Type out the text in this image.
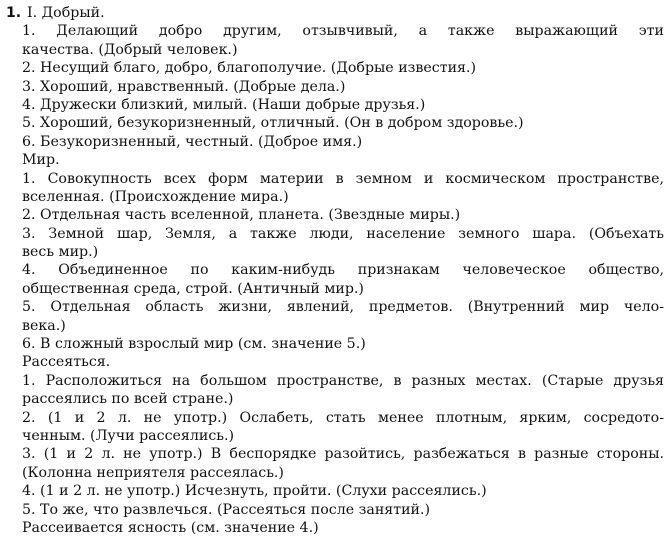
1. I. Добрый.
1. Делающий добро другим, отзывчивый, а также выражающий эти
качества. (Добрый человек.)
2. Несущий благо, добро, благополучие. (Добрые известия.)
3. Хороший, нравственный. (Добрые дела.)
4. Дружески близкий, милый. (Наши добрые друзья.)
5. Хороший, безукоризненный, отличный. (Он в добром здоровье.)
6. Безукоризненный, честный. (Доброе имя.)
Мир.
1. Совокупность всех форм материи в земном и космическом пространстве,
вселенная. (Происхождение мира.)
2. Отдельная часть вселенной, планета. (Звездные миры.)
3. Земной шар, Земля, а также люди, население земного шара. (Объехать
весь мир.)
4. Объединенное по каким-нибудь признакам человеческое общество,
общественная среда, строй. (Античный мир.)
5. Отдельная область жизни, явлений, предметов. (Внутренний мир чело-
века.)
6. В сложный взрослый мир (см. значение 5.)
Рассеяться.
1. Расположиться на большом пространстве, в разных местах. (Старые друзья
рассеялись по всей стране.)
2. (1 и 2 л. не употр.) Ослабеть, стать менее плотным, ярким, сосредото-
ченным. (Лучи рассеялись.)
3. (1 и 2 л. не употр.) В беспорядке разойтись, разбежаться в разные стороны.
(Колонна неприятеля рассеялась.)
4. (1 и 2 л. не употр.) Исчезнуть, пройти. (Слухи рассеялись.)
5. То же, что развлечься. (Рассеяться после занятий.)
Рассеивается ясность (см. значение 4.)
